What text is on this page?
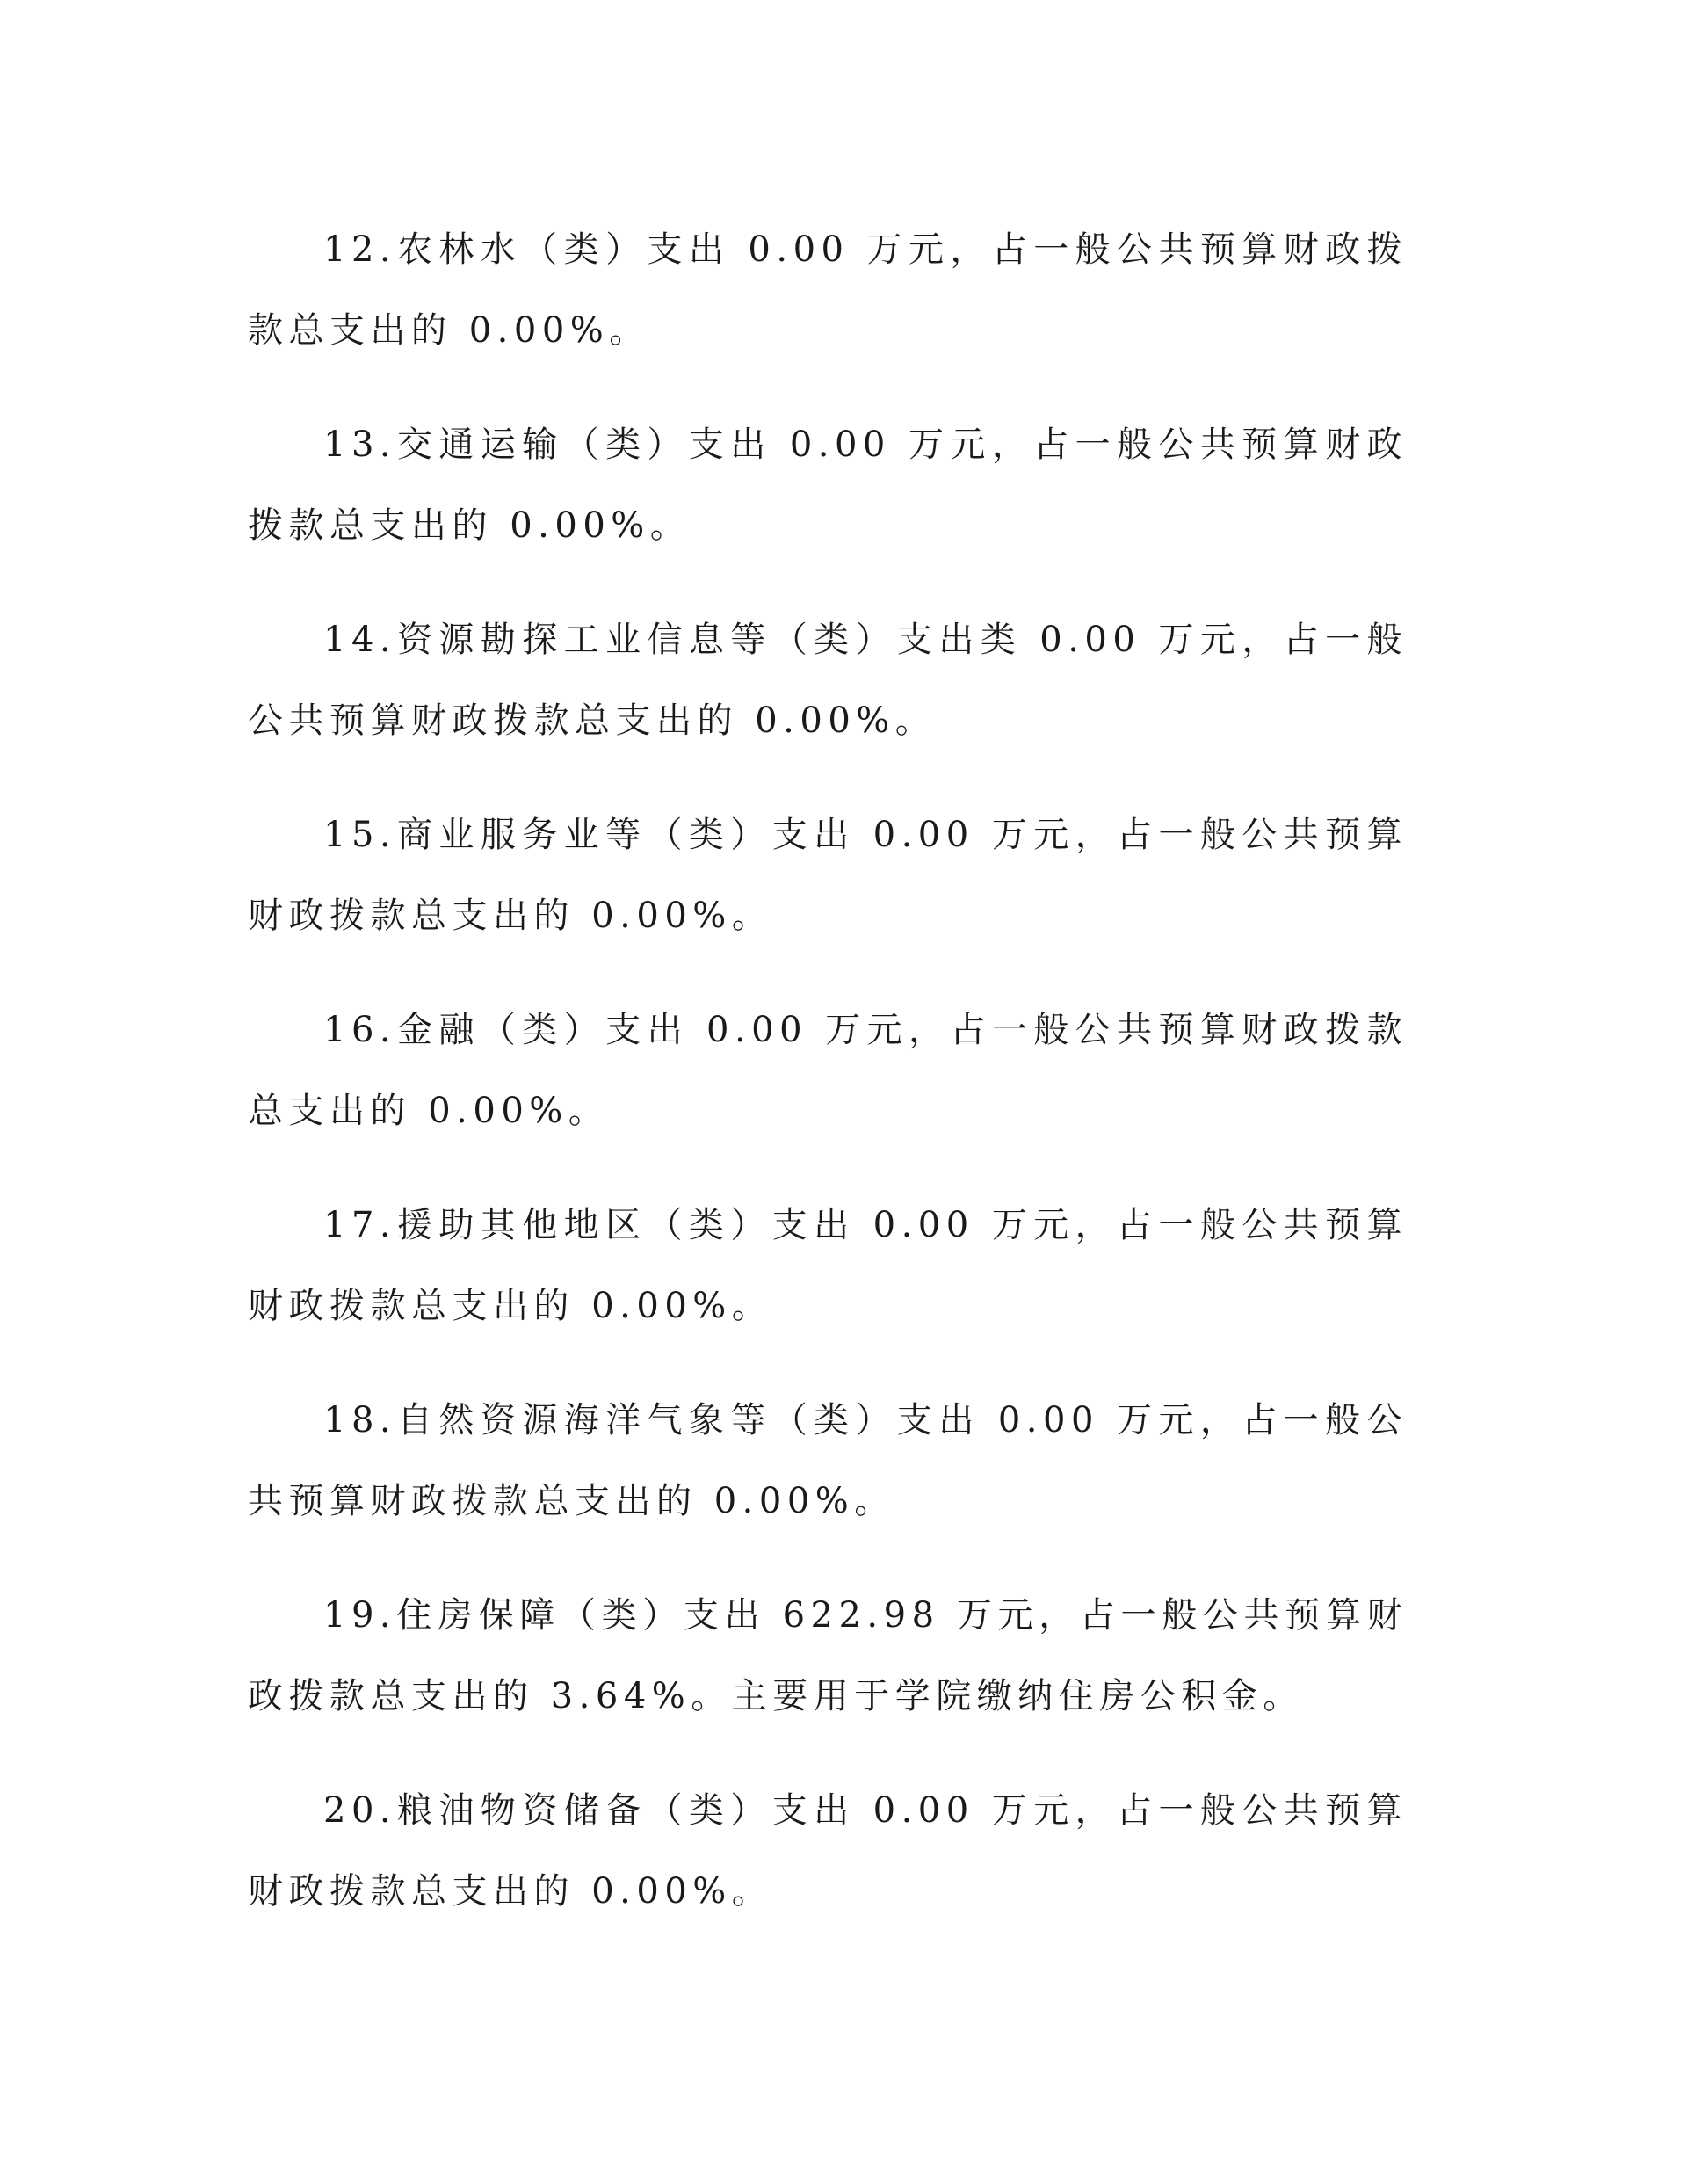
12.农林水（类）支出 0.00 万元，占一般公共预算财政拨款总支出的 0.00%。

13.交通运输（类）支出 0.00 万元，占一般公共预算财政拨款总支出的 0.00%。

14.资源勘探工业信息等（类）支出类 0.00 万元，占一般公共预算财政拨款总支出的 0.00%。

15.商业服务业等（类）支出 0.00 万元，占一般公共预算财政拨款总支出的 0.00%。

16.金融（类）支出 0.00 万元，占一般公共预算财政拨款总支出的 0.00%。

17.援助其他地区（类）支出 0.00 万元，占一般公共预算财政拨款总支出的 0.00%。

18.自然资源海洋气象等（类）支出 0.00 万元，占一般公共预算财政拨款总支出的 0.00%。

19.住房保障（类）支出 622.98 万元，占一般公共预算财政拨款总支出的 3.64%。主要用于学院缴纳住房公积金。

20.粮油物资储备（类）支出 0.00 万元，占一般公共预算财政拨款总支出的 0.00%。
